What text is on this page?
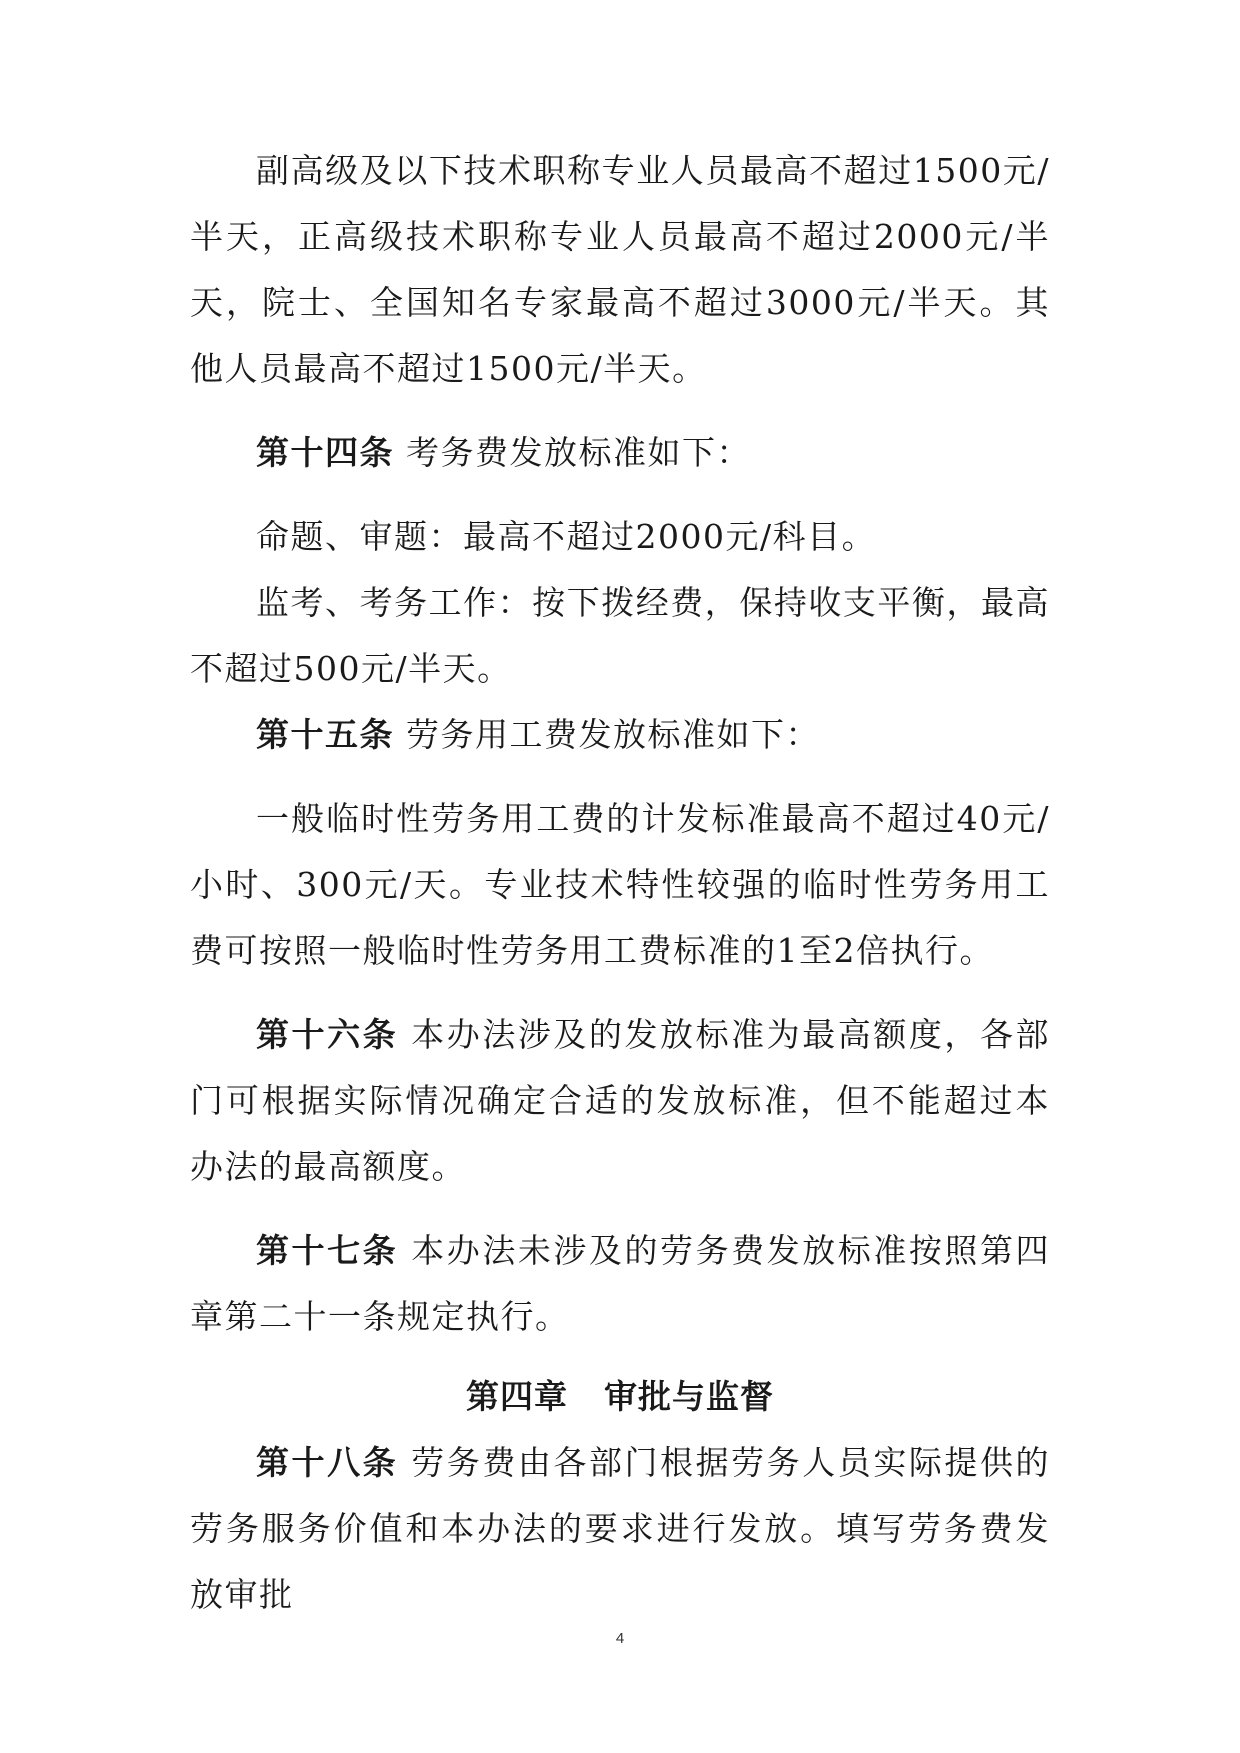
副高级及以下技术职称专业人员最高不超过1500元/半天，正高级技术职称专业人员最高不超过2000元/半天，院士、全国知名专家最高不超过3000元/半天。其他人员最高不超过1500元/半天。

第十四条 考务费发放标准如下：

命题、审题：最高不超过2000元/科目。

监考、考务工作：按下拨经费，保持收支平衡，最高不超过500元/半天。

第十五条 劳务用工费发放标准如下：

一般临时性劳务用工费的计发标准最高不超过40元/小时、300元/天。专业技术特性较强的临时性劳务用工费可按照一般临时性劳务用工费标准的1至2倍执行。

第十六条 本办法涉及的发放标准为最高额度，各部门可根据实际情况确定合适的发放标准，但不能超过本办法的最高额度。

第十七条 本办法未涉及的劳务费发放标准按照第四章第二十一条规定执行。

第四章 审批与监督

第十八条 劳务费由各部门根据劳务人员实际提供的劳务服务价值和本办法的要求进行发放。填写劳务费发放审批

4
